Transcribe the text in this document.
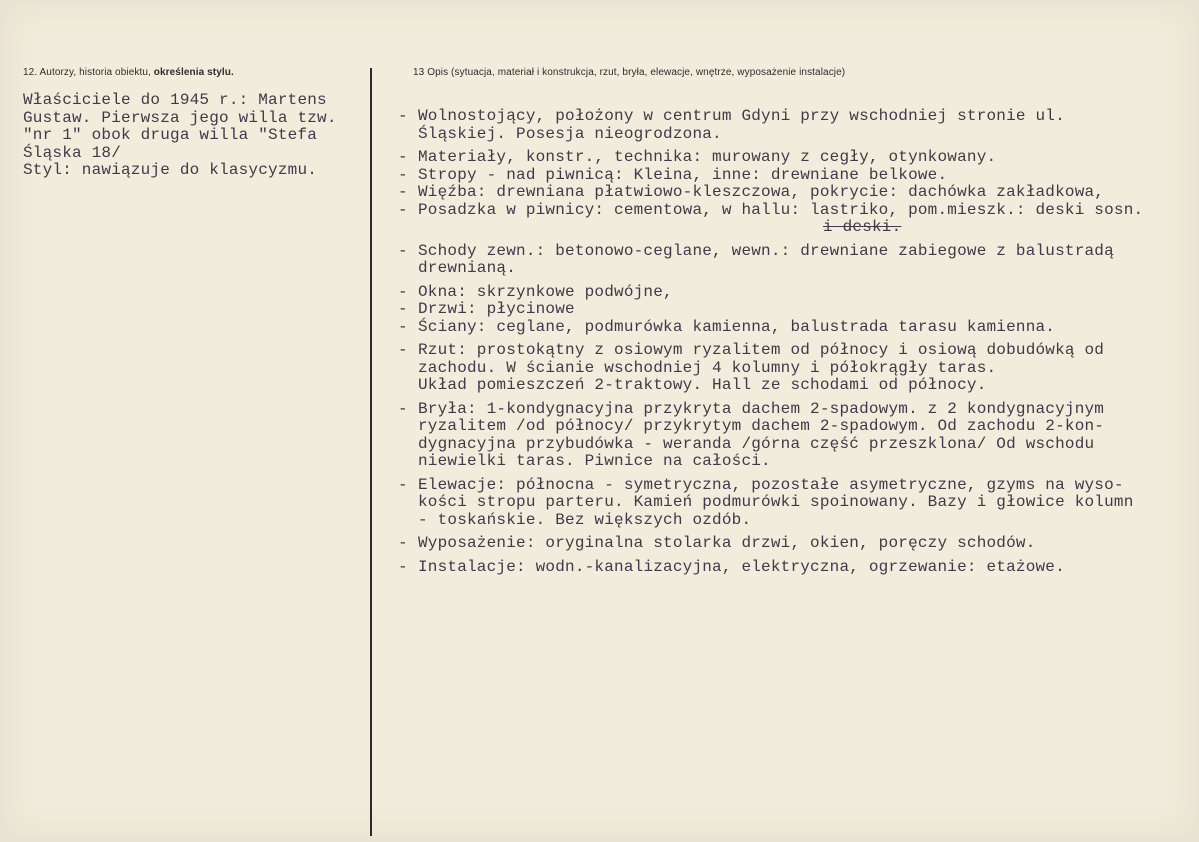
12. Autorzy, historia obiektu, określenia stylu.	13 Opis (sytuacja, materiał i konstrukcja, rzut, bryła, elewacje, wnętrze, wyposażenie instalacje)
Właściciele do 1945 r.: Martens
Gustaw. Pierwsza jego willa tzw.
"nr 1" obok druga willa "Stefa
Śląska 18/
Styl: nawiązuje do klasycyzmu.
- Wolnostojący, położony w centrum Gdyni przy wschodniej stronie ul.
Śląskiej. Posesja nieogrodzona.
- Materiały, konstr., technika: murowany z cegły, otynkowany.
- Stropy - nad piwnicą: Kleina, inne: drewniane belkowe.
- Więźba: drewniana płatwiowo-kleszczowa, pokrycie: dachówka zakładkowa,
- Posadzka w piwnicy: cementowa, w hallu: lastriko, pom.mieszk.: deski sosn.
i deski.
- Schody zewn.: betonowo-ceglane, wewn.: drewniane zabiegowe z balustradą
drewnianą.
- Okna: skrzynkowe podwójne,
- Drzwi: płycinowe
- Ściany: ceglane, podmurówka kamienna, balustrada tarasu kamienna.
- Rzut: prostokątny z osiowym ryzalitem od północy i osiową dobudówką od
zachodu. W ścianie wschodniej 4 kolumny i półokrągły taras.
Układ pomieszczeń 2-traktowy. Hall ze schodami od północy.
- Bryła: 1-kondygnacyjna przykryta dachem 2-spadowym. z 2 kondygnacyjnym
ryzalitem /od północy/ przykrytym dachem 2-spadowym. Od zachodu 2-kon-
dygnacyjna przybudówka - weranda /górna część przeszklona/ Od wschodu
niewielki taras. Piwnice na całości.
- Elewacje: północna - symetryczna, pozostałe asymetryczne, gzyms na wyso-
kości stropu parteru. Kamień podmurówki spoinowany. Bazy i głowice kolumn
- toskańskie. Bez większych ozdób.
- Wyposażenie: oryginalna stolarka drzwi, okien, poręczy schodów.
- Instalacje: wodn.-kanalizacyjna, elektryczna, ogrzewanie: etażowe.
